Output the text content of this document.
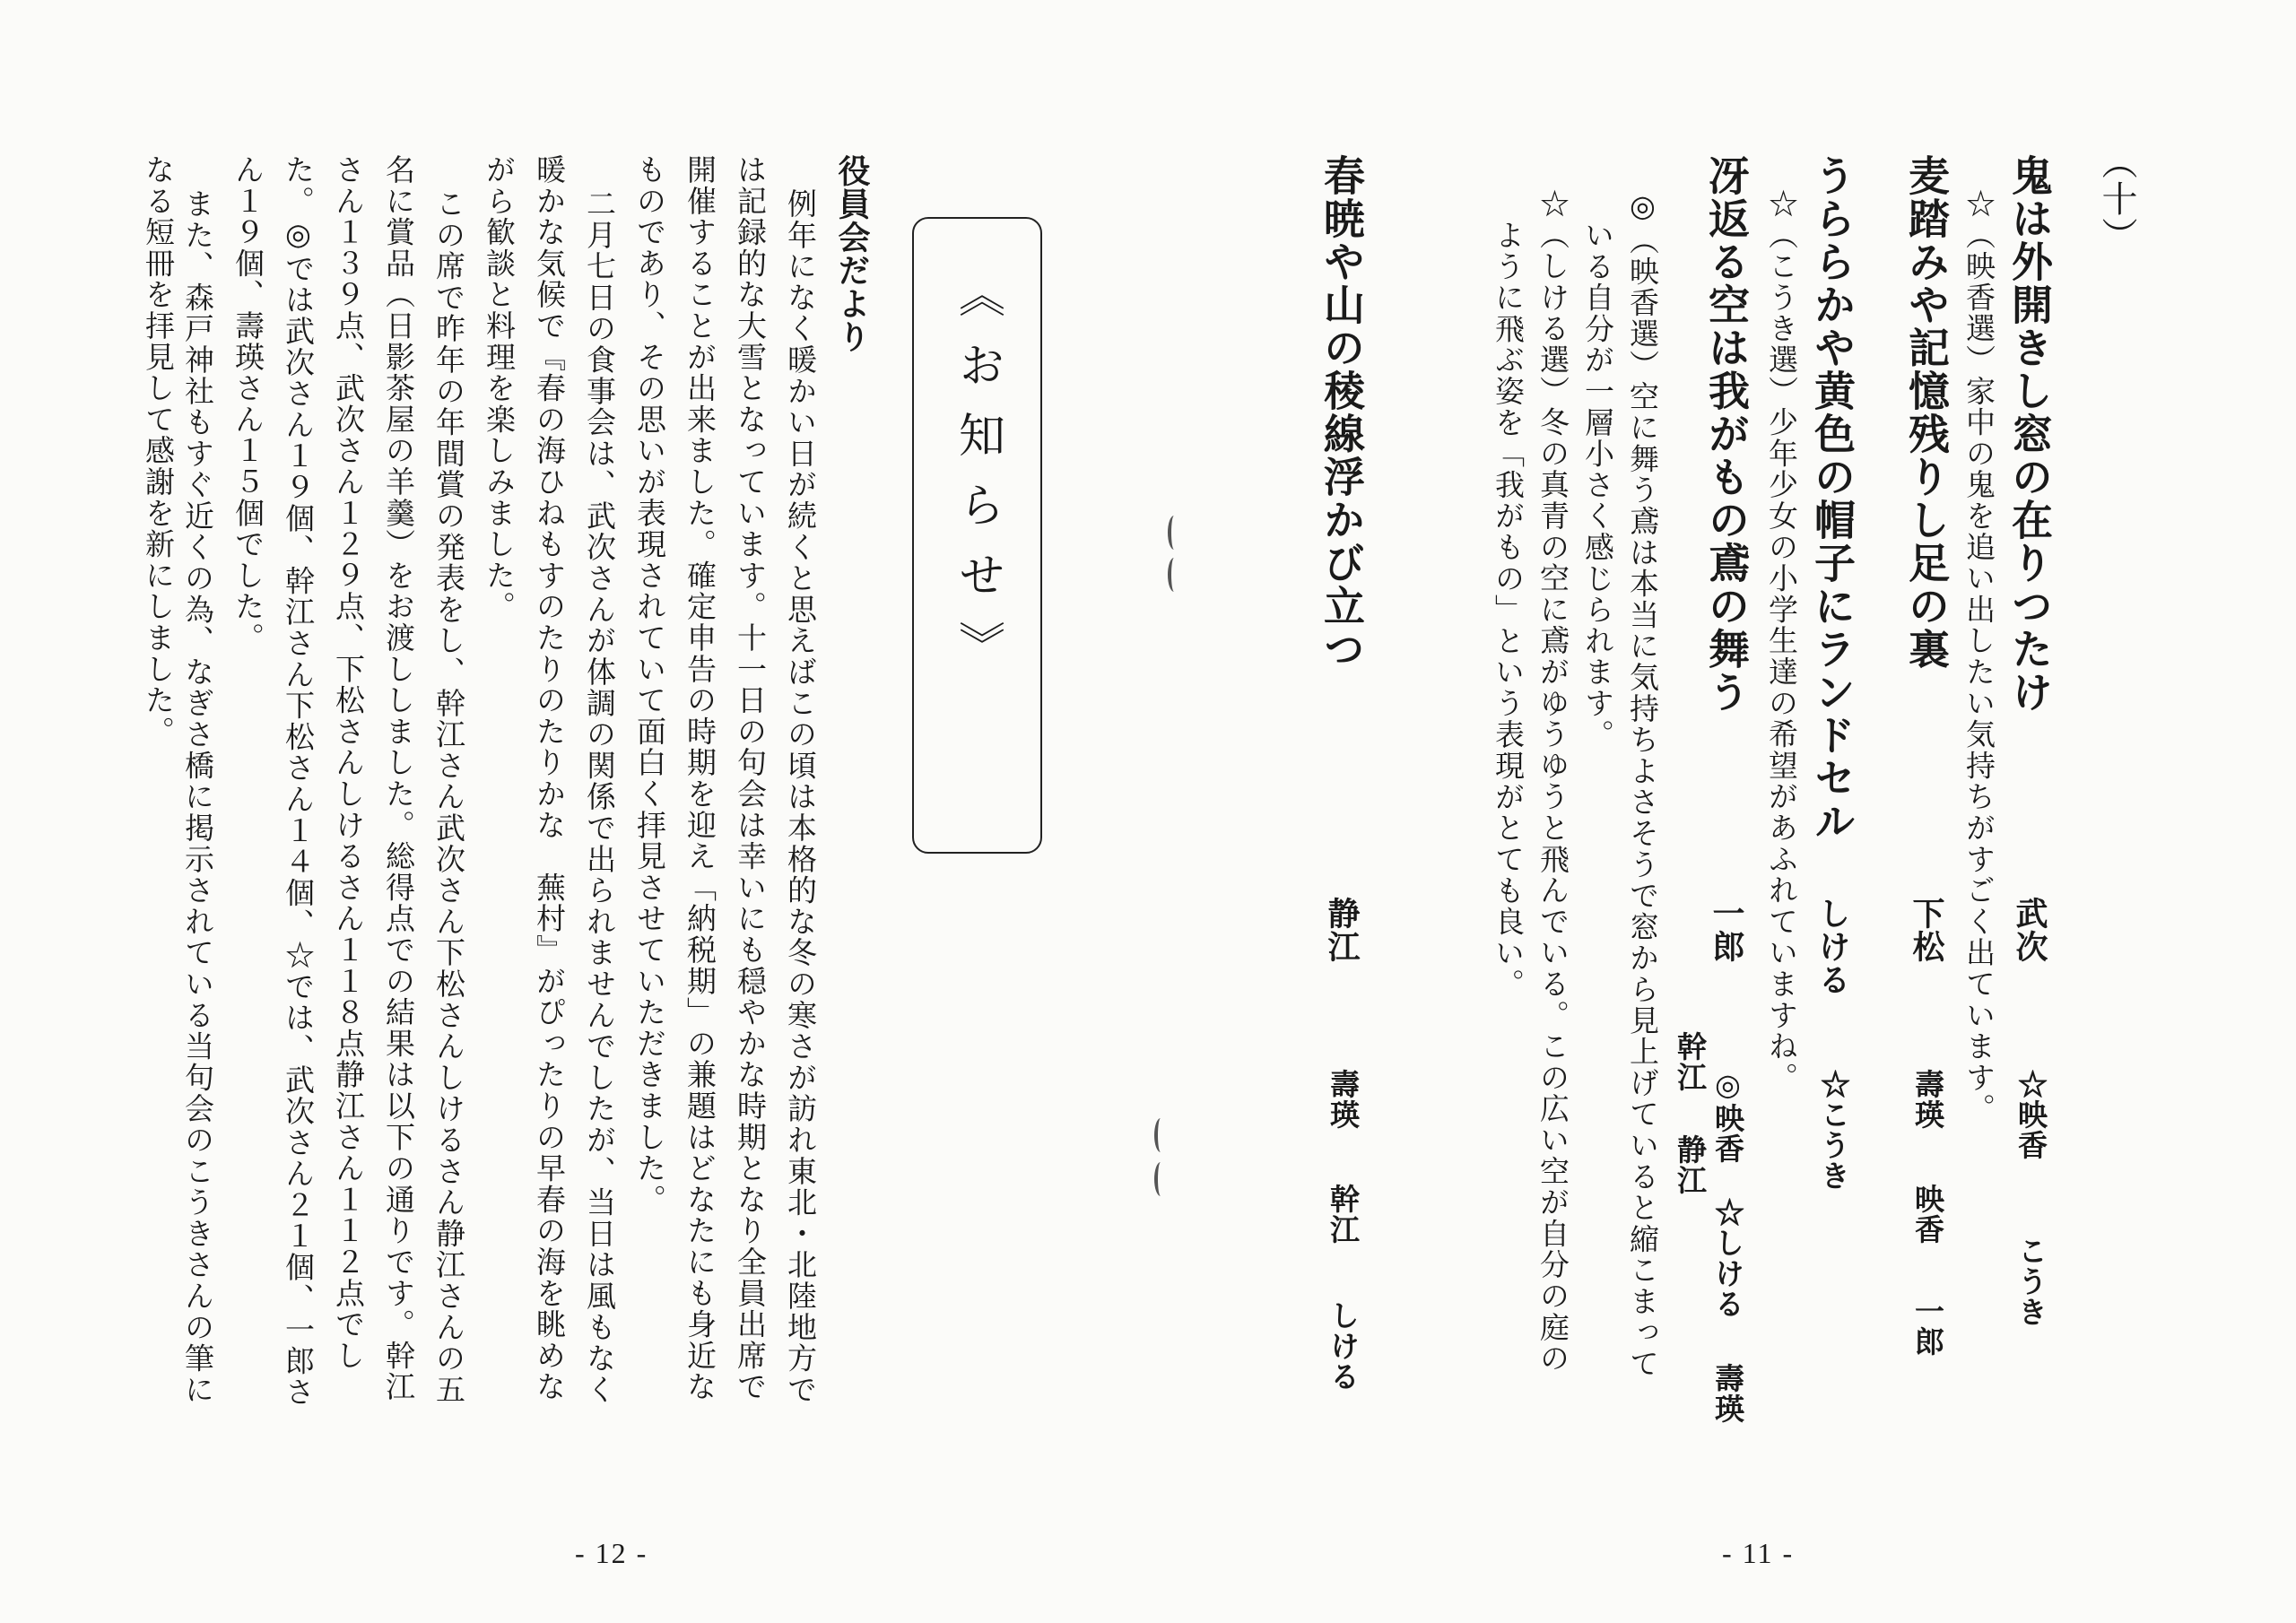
《お知らせ》
役員会だより
例年になく暖かい日が続くと思えばこの頃は本格的な冬の寒さが訪れ東北・北陸地方で
は記録的な大雪となっています。十一日の句会は幸いにも穏やかな時期となり全員出席で
開催することが出来ました。確定申告の時期を迎え「納税期」の兼題はどなたにも身近な
ものであり、その思いが表現されていて面白く拝見させていただきました。
二月七日の食事会は、武次さんが体調の関係で出られませんでしたが、当日は風もなく
暖かな気候で『春の海ひねもすのたりのたりかな　蕪村』がぴったりの早春の海を眺めな
がら歓談と料理を楽しみました。
この席で昨年の年間賞の発表をし、幹江さん武次さん下松さんしけるさん静江さんの五
名に賞品（日影茶屋の羊羹）をお渡ししました。総得点での結果は以下の通りです。幹江
さん１３９点、武次さん１２９点、下松さんしけるさん１１８点静江さん１１２点でし
た。◎では武次さん１９個、幹江さん下松さん１４個、☆では、武次さん２１個、一郎さ
ん１９個、壽瑛さん１５個でした。
また、森戸神社もすぐ近くの為、なぎさ橋に掲示されている当句会のこうきさんの筆に
なる短冊を拝見して感謝を新にしました。
- 12 -
（十）
鬼は外開きし窓の在りつたけ
武次
☆映香
こうき
☆（映香選）家中の鬼を追い出したい気持ちがすごく出ています。
麦踏みや記憶残りし足の裏
下松
壽瑛
映香
一郎
うららかや黄色の帽子にランドセル
しける
☆こうき
☆（こうき選）少年少女の小学生達の希望があふれていますね。
冴返る空は我がもの鳶の舞う
一郎
◎映香
☆しける
壽瑛
幹江
静江
◎（映香選）空に舞う鳶は本当に気持ちよさそうで窓から見上げていると縮こまって
いる自分が一層小さく感じられます。
☆（しける選）冬の真青の空に鳶がゆうゆうと飛んでいる。この広い空が自分の庭の
ように飛ぶ姿を「我がもの」という表現がとても良い。
春暁や山の稜線浮かび立つ
静江
壽瑛
幹江
しける
- 11 -
